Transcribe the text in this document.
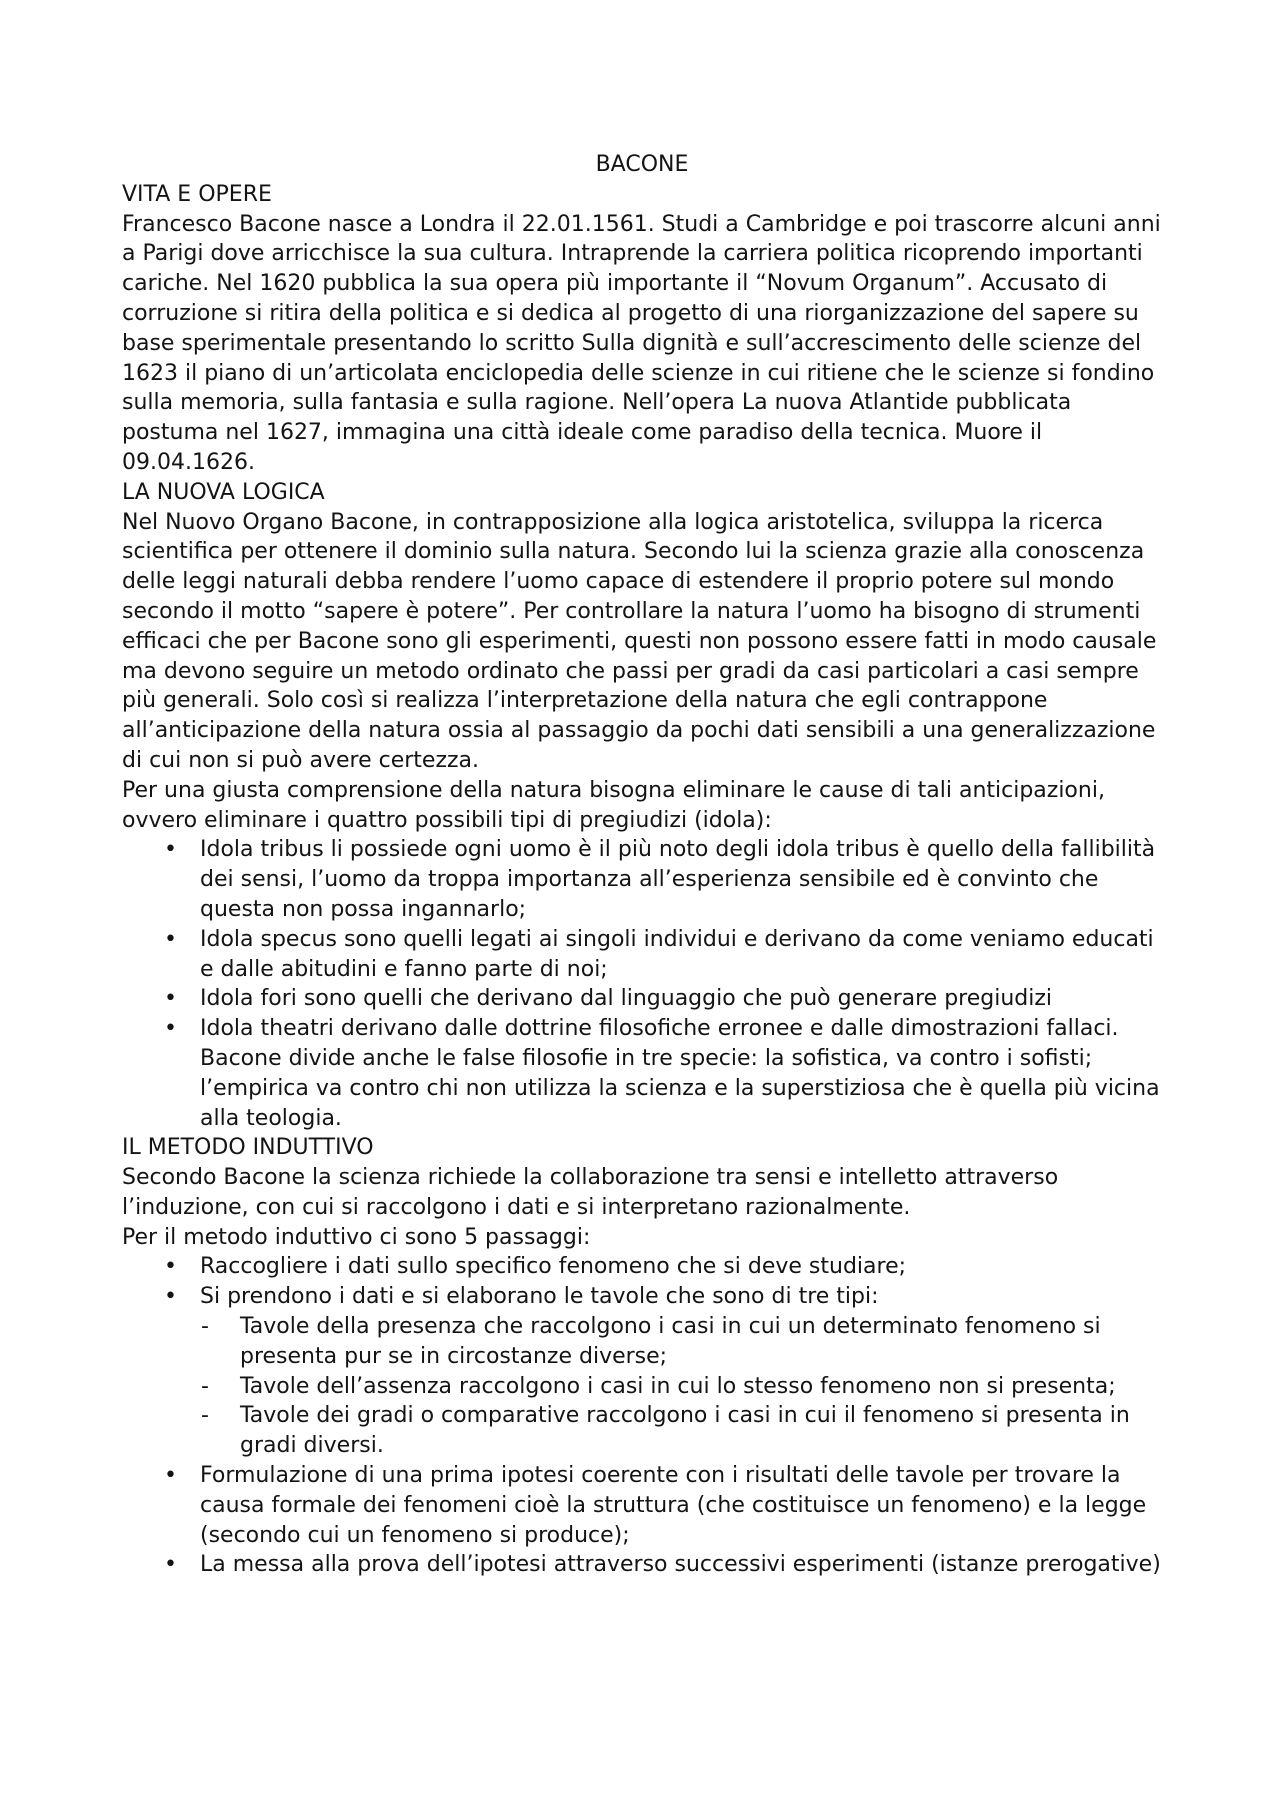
BACONE
VITA E OPERE

Francesco Bacone nasce a Londra il 22.01.1561. Studi a Cambridge e poi trascorre alcuni anni a Parigi dove arricchisce la sua cultura. Intraprende la carriera politica ricoprendo importanti cariche. Nel 1620 pubblica la sua opera più importante il “Novum Organum”. Accusato di corruzione si ritira della politica e si dedica al progetto di una riorganizzazione del sapere su base sperimentale presentando lo scritto Sulla dignità e sull’accrescimento delle scienze del 1623 il piano di un’articolata enciclopedia delle scienze in cui ritiene che le scienze si fondino sulla memoria, sulla fantasia e sulla ragione. Nell’opera La nuova Atlantide pubblicata postuma nel 1627, immagina una città ideale come paradiso della tecnica. Muore il 09.04.1626.

LA NUOVA LOGICA

Nel Nuovo Organo Bacone, in contrapposizione alla logica aristotelica, sviluppa la ricerca scientifica per ottenere il dominio sulla natura. Secondo lui la scienza grazie alla conoscenza delle leggi naturali debba rendere l’uomo capace di estendere il proprio potere sul mondo secondo il motto “sapere è potere”. Per controllare la natura l’uomo ha bisogno di strumenti efficaci che per Bacone sono gli esperimenti, questi non possono essere fatti in modo causale ma devono seguire un metodo ordinato che passi per gradi da casi particolari a casi sempre più generali. Solo così si realizza l’interpretazione della natura che egli contrappone all’anticipazione della natura ossia al passaggio da pochi dati sensibili a una generalizzazione di cui non si può avere certezza.

Per una giusta comprensione della natura bisogna eliminare le cause di tali anticipazioni, ovvero eliminare i quattro possibili tipi di pregiudizi (idola):

• Idola tribus li possiede ogni uomo è il più noto degli idola tribus è quello della fallibilità dei sensi, l’uomo da troppa importanza all’esperienza sensibile ed è convinto che questa non possa ingannarlo;
• Idola specus sono quelli legati ai singoli individui e derivano da come veniamo educati e dalle abitudini e fanno parte di noi;
• Idola fori sono quelli che derivano dal linguaggio che può generare pregiudizi
• Idola theatri derivano dalle dottrine filosofiche erronee e dalle dimostrazioni fallaci. Bacone divide anche le false filosofie in tre specie: la sofistica, va contro i sofisti; l’empirica va contro chi non utilizza la scienza e la superstiziosa che è quella più vicina alla teologia.
IL METODO INDUTTIVO

Secondo Bacone la scienza richiede la collaborazione tra sensi e intelletto attraverso l’induzione, con cui si raccolgono i dati e si interpretano razionalmente.

Per il metodo induttivo ci sono 5 passaggi:

• Raccogliere i dati sullo specifico fenomeno che si deve studiare;
• Si prendono i dati e si elaborano le tavole che sono di tre tipi:
- Tavole della presenza che raccolgono i casi in cui un determinato fenomeno si presenta pur se in circostanze diverse;
- Tavole dell’assenza raccolgono i casi in cui lo stesso fenomeno non si presenta;
- Tavole dei gradi o comparative raccolgono i casi in cui il fenomeno si presenta in gradi diversi.
• Formulazione di una prima ipotesi coerente con i risultati delle tavole per trovare la causa formale dei fenomeni cioè la struttura (che costituisce un fenomeno) e la legge (secondo cui un fenomeno si produce);
• La messa alla prova dell’ipotesi attraverso successivi esperimenti (istanze prerogative)
